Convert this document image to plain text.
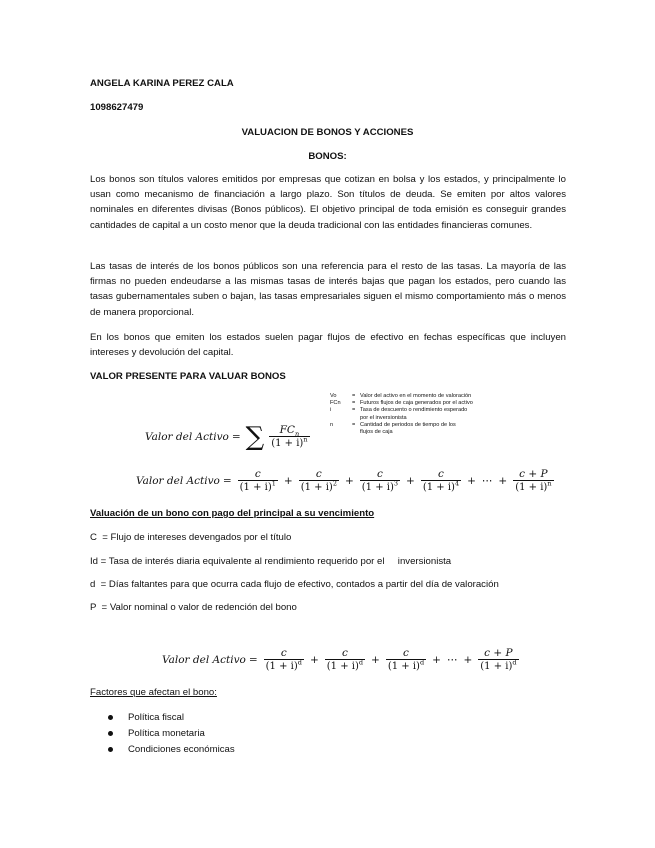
ANGELA KARINA PEREZ CALA
1098627479
VALUACION DE BONOS Y ACCIONES
BONOS:
Los bonos son títulos valores emitidos por empresas que cotizan en bolsa y los estados, y principalmente lo usan como mecanismo de financiación a largo plazo. Son títulos de deuda. Se emiten por altos valores nominales en diferentes divisas (Bonos públicos). El objetivo principal de toda emisión es conseguir grandes cantidades de capital a un costo menor que la deuda tradicional con las entidades financieras comunes.
Las tasas de interés de los bonos públicos son una referencia para el resto de las tasas. La mayoría de las firmas no pueden endeudarse a las mismas tasas de interés bajas que pagan los estados, pero cuando las tasas gubernamentales suben o bajan, las tasas empresariales siguen el mismo comportamiento más o menos de manera proporcional.
En los bonos que emiten los estados suelen pagar flujos de efectivo en fechas específicas que incluyen intereses y devolución del capital.
VALOR PRESENTE PARA VALUAR BONOS
Vo	= Valor del activo en el momento de valoración
FCn	= Futuros flujos de caja generados por el activo
i	= Tasa de descuento o rendimiento esperado por el inversionista
n	= Cantidad de periodos de tiempo de los flujos de caja
Valor del Activo = ∑ $\frac{FC_n}{(1 + i)^n}$
Valor del Activo = $\frac{c}{(1 + i)^1} + \frac{c}{(1 + i)^2} + \frac{c}{(1 + i)^3} + \frac{c}{(1 + i)^4}$ + ⋯ + $\frac{c + P}{(1 + i)^n}$
Valuación de un bono con pago del principal a su vencimiento
C  = Flujo de intereses devengados por el título
Id = Tasa de interés diaria equivalente al rendimiento requerido por el     inversionista
d  = Días faltantes para que ocurra cada flujo de efectivo, contados a partir del día de valoración
P  = Valor nominal o valor de redención del bono
Valor del Activo = $\frac{c}{(1 + i)^d} + \frac{c}{(1 + i)^d} + \frac{c}{(1 + i)^d}$ + ⋯ + $\frac{c + P}{(1 + i)^d}$
Factores que afectan el bono:
Política fiscal
Política monetaria
Condiciones económicas
